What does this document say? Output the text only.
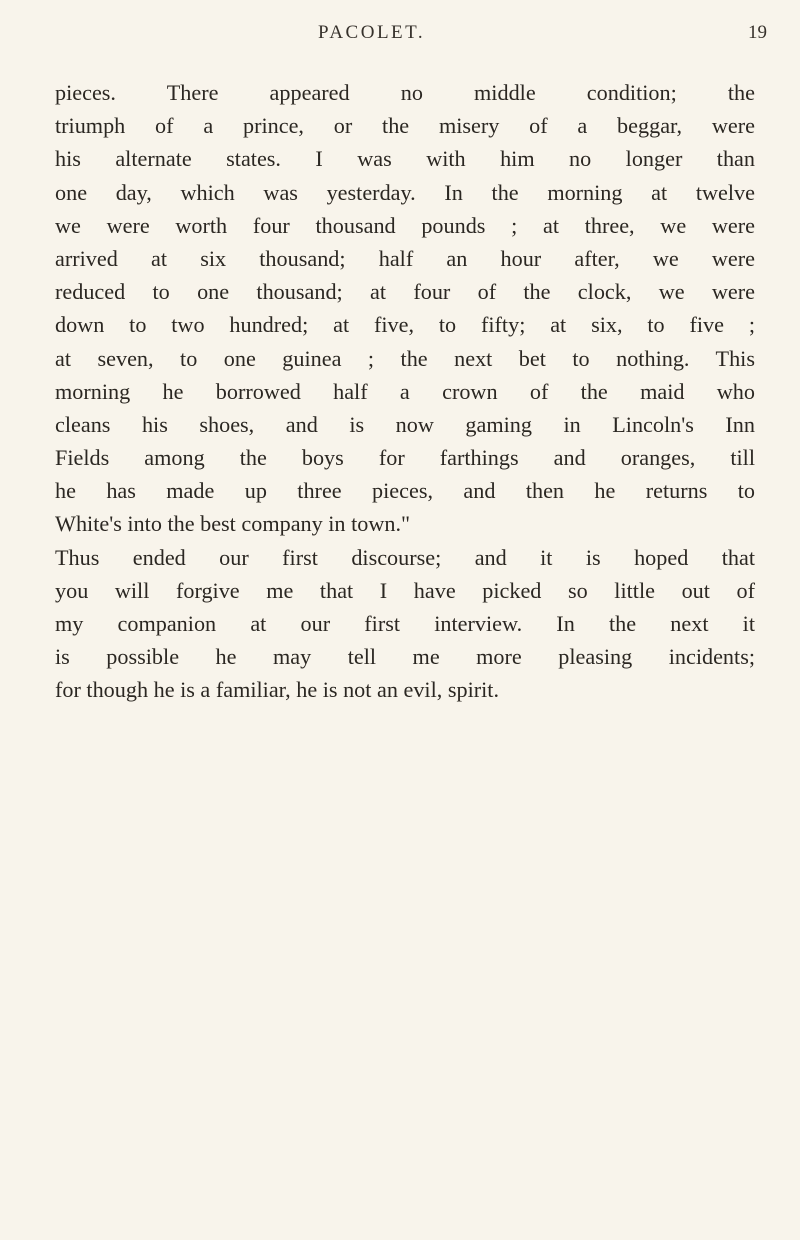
PACOLET.	19
pieces. There appeared no middle condition; the
triumph of a prince, or the misery of a beggar, were
his alternate states. I was with him no longer than
one day, which was yesterday. In the morning at twelve
we were worth four thousand pounds ; at three, we were
arrived at six thousand; half an hour after, we were
reduced to one thousand; at four of the clock, we were
down to two hundred; at five, to fifty; at six, to five ;
at seven, to one guinea ; the next bet to nothing. This
morning he borrowed half a crown of the maid who
cleans his shoes, and is now gaming in Lincoln's Inn
Fields among the boys for farthings and oranges, till
he has made up three pieces, and then he returns to
White's into the best company in town."
Thus ended our first discourse; and it is hoped that
you will forgive me that I have picked so little out of
my companion at our first interview. In the next it
is possible he may tell me more pleasing incidents;
for though he is a familiar, he is not an evil, spirit.
